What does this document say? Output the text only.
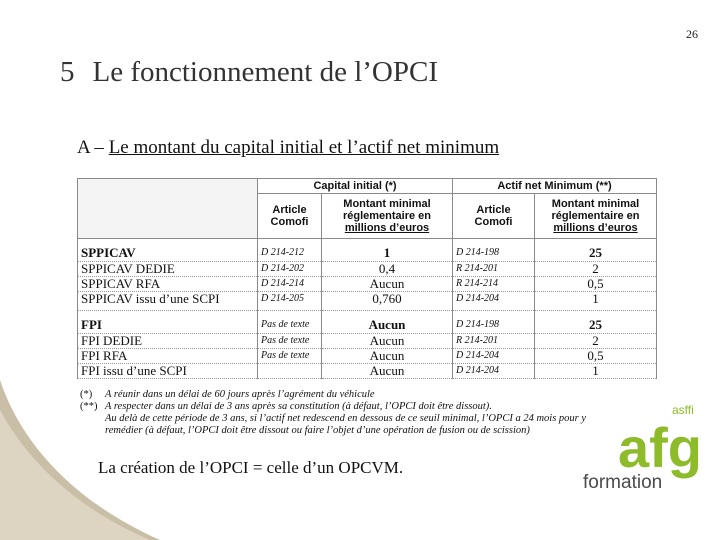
26
5 Le fonctionnement de l’OPCI
A – Le montant du capital initial et l’actif net minimum
	Capital initial (*)		Actif net Minimum (**)	
	Article Comofi	Montant minimal réglementaire en
millions d’euros	Article Comofi	Montant minimal réglementaire en
millions d’euros
SPPICAV	D 214-212	1	D 214-198	25
SPPICAV DEDIE	D 214-202	0,4	R 214-201	2
SPPICAV RFA	D 214-214	Aucun	R 214-214	0,5
SPPICAV issu d’une SCPI	D 214-205	0,760	D 214-204	1
FPI	Pas de texte	Aucun	D 214-198	25
FPI DEDIE	Pas de texte	Aucun	R 214-201	2
FPI RFA	Pas de texte	Aucun	D 214-204	0,5
FPI issu d’une SCPI		Aucun	D 214-204	1
(*)	A réunir dans un délai de 60 jours après l’agrément du véhicule
(**) A respecter dans un délai de 3 ans après sa constitution (à défaut, l’OPCI doit être dissout).
Au delà de cette période de 3 ans, si l’actif net redescend en dessous de ce seuil minimal, l’OPCI a 24 mois pour y
remédier (à défaut, l’OPCI doit être dissout ou faire l’objet d’une opération de fusion ou de scission)
La création de l’OPCI = celle d’un OPCVM.
asffi
afg
formation
